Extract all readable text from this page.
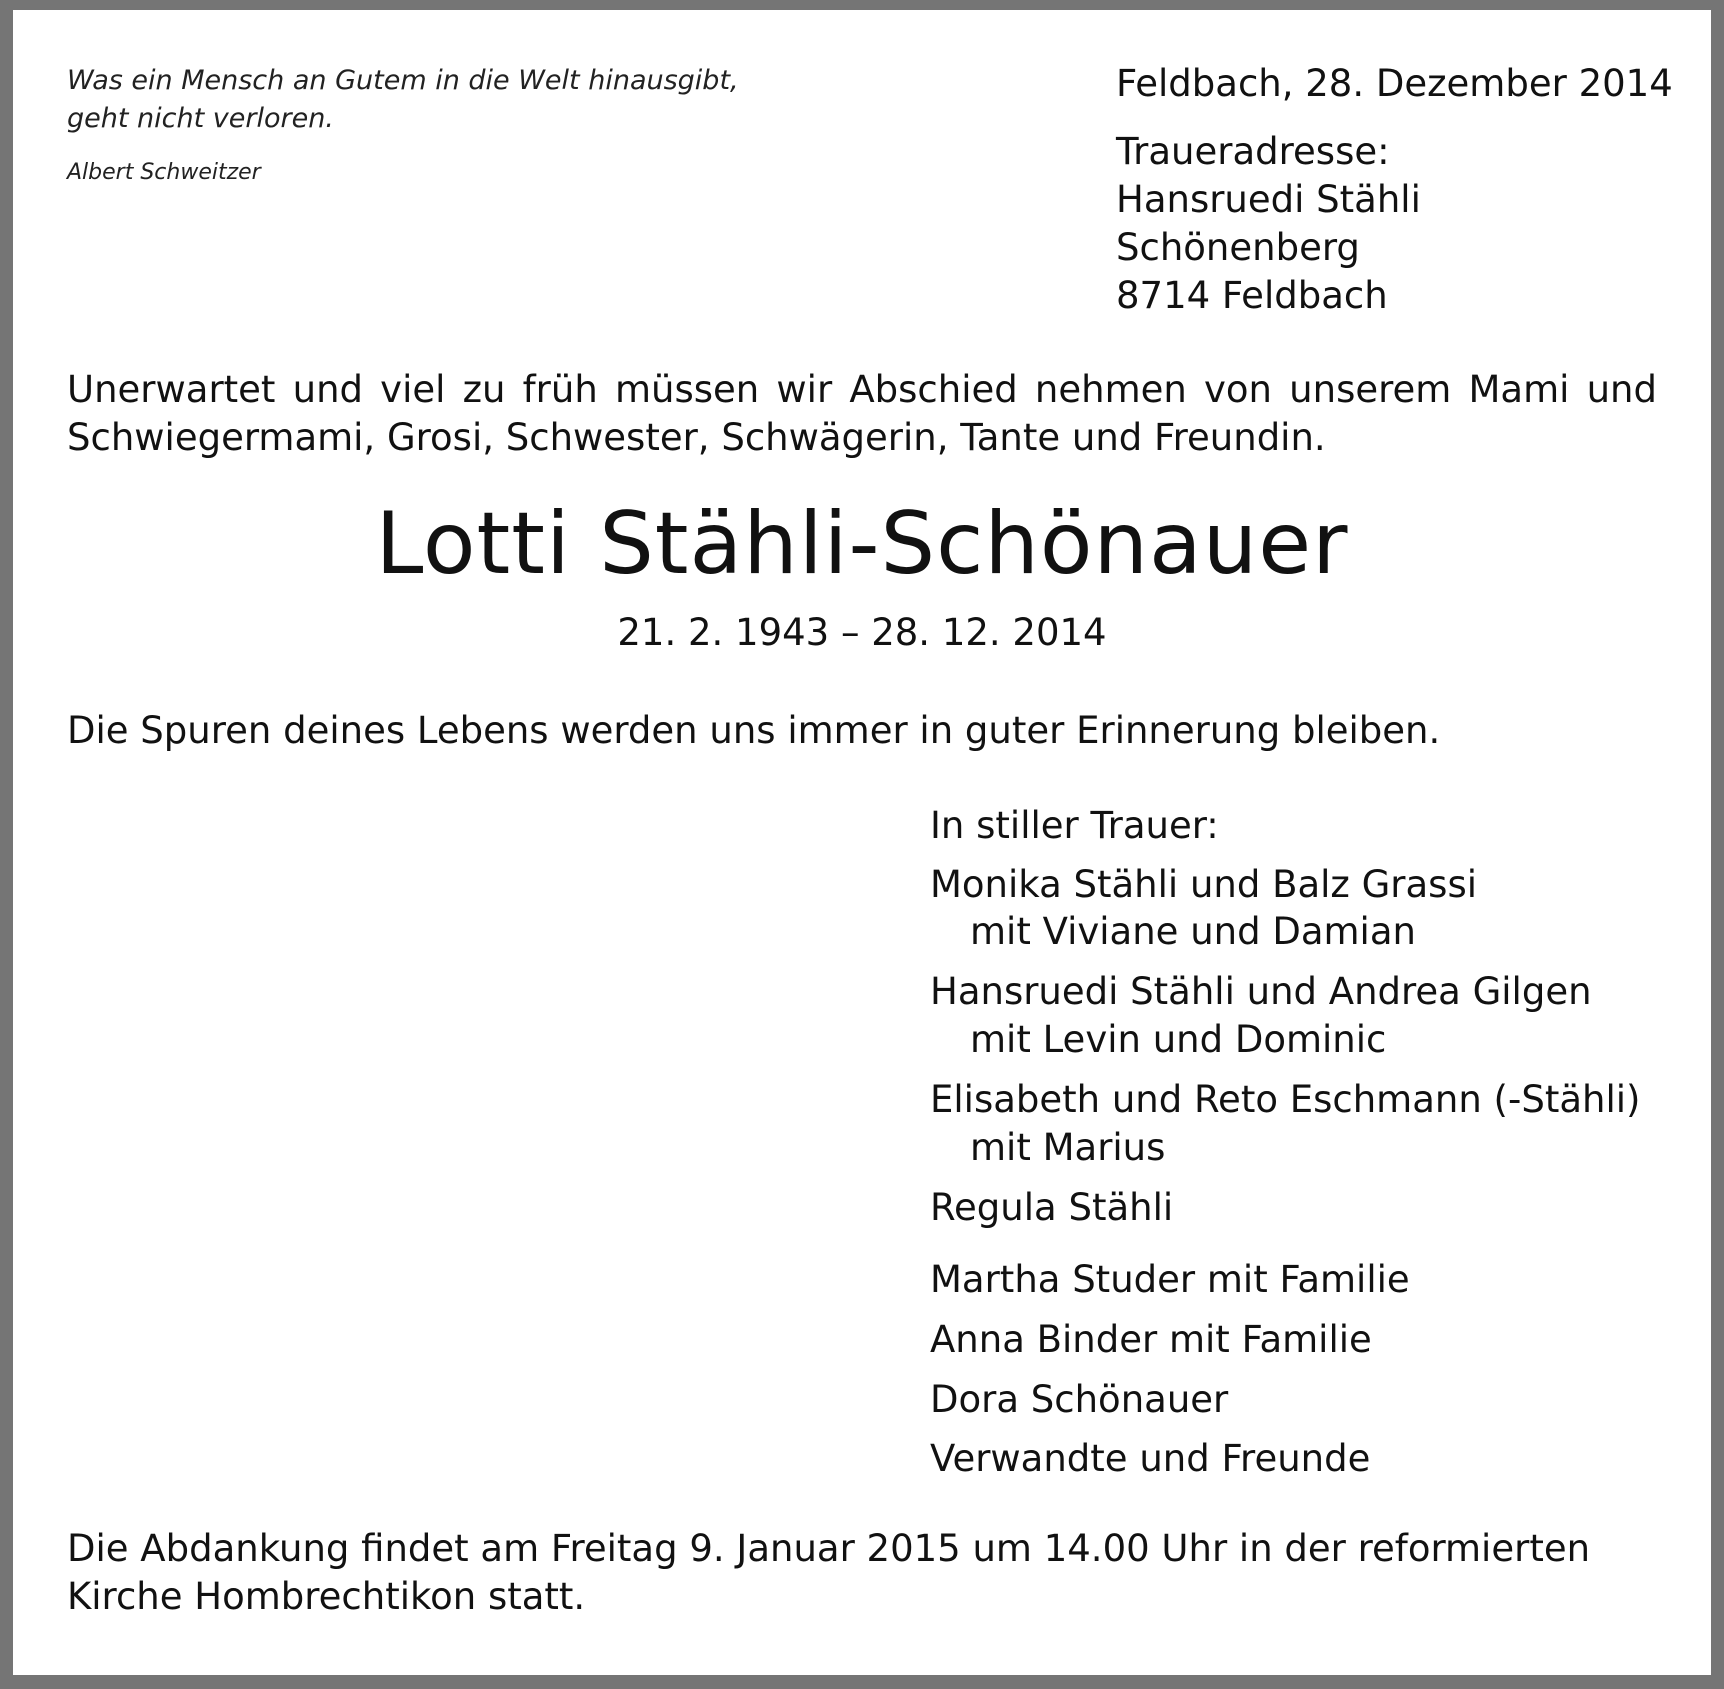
Was ein Mensch an Gutem in die Welt hinausgibt,
geht nicht verloren.
Albert Schweitzer
Feldbach, 28. Dezember 2014
Traueradresse:
Hansruedi Stähli
Schönenberg
8714 Feldbach
Unerwartet und viel zu früh müssen wir Abschied nehmen von unserem Mami und Schwiegermami, Grosi, Schwester, Schwägerin, Tante und Freundin.
Lotti Stähli-Schönauer
21. 2. 1943 – 28. 12. 2014
Die Spuren deines Lebens werden uns immer in guter Erinnerung bleiben.
In stiller Trauer:
Monika Stähli und Balz Grassi
mit Viviane und Damian
Hansruedi Stähli und Andrea Gilgen
mit Levin und Dominic
Elisabeth und Reto Eschmann (-Stähli)
mit Marius
Regula Stähli
Martha Studer mit Familie
Anna Binder mit Familie
Dora Schönauer
Verwandte und Freunde
Die Abdankung findet am Freitag 9. Januar 2015 um 14.00 Uhr in der reformierten Kirche Hombrechtikon statt.
